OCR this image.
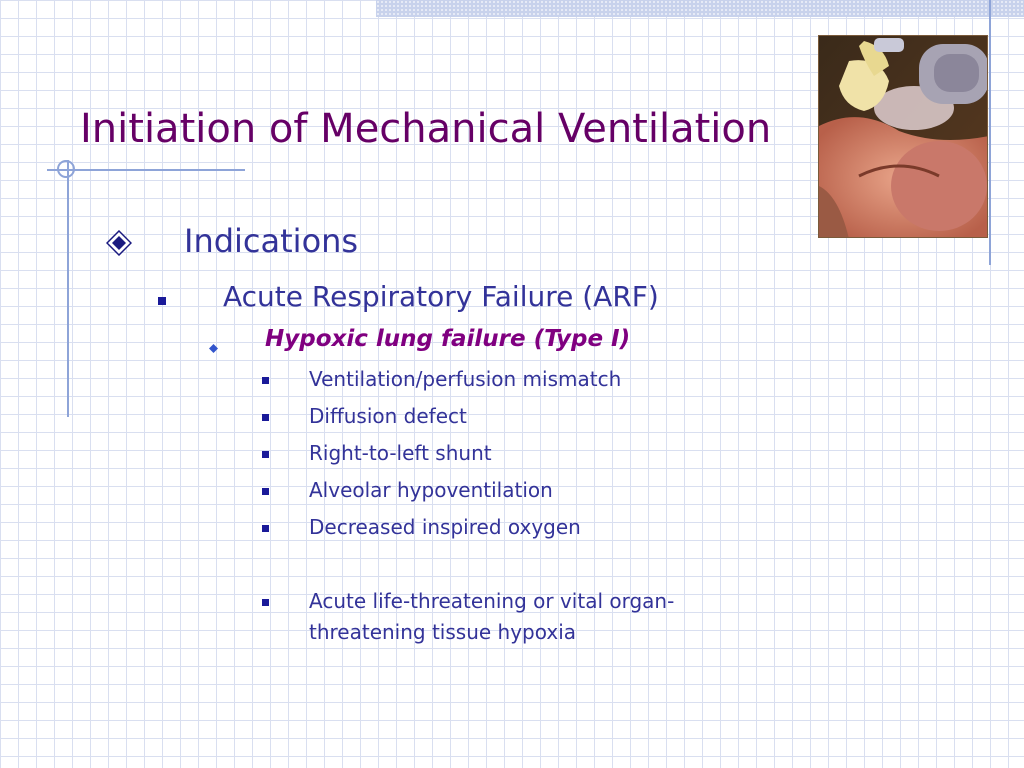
Initiation of Mechanical Ventilation
Indications
Acute Respiratory Failure (ARF)
Hypoxic lung failure (Type I)
Ventilation/perfusion mismatch
Diffusion defect
Right-to-left shunt
Alveolar hypoventilation
Decreased inspired oxygen
Acute life-threatening or vital organ-
threatening tissue hypoxia
